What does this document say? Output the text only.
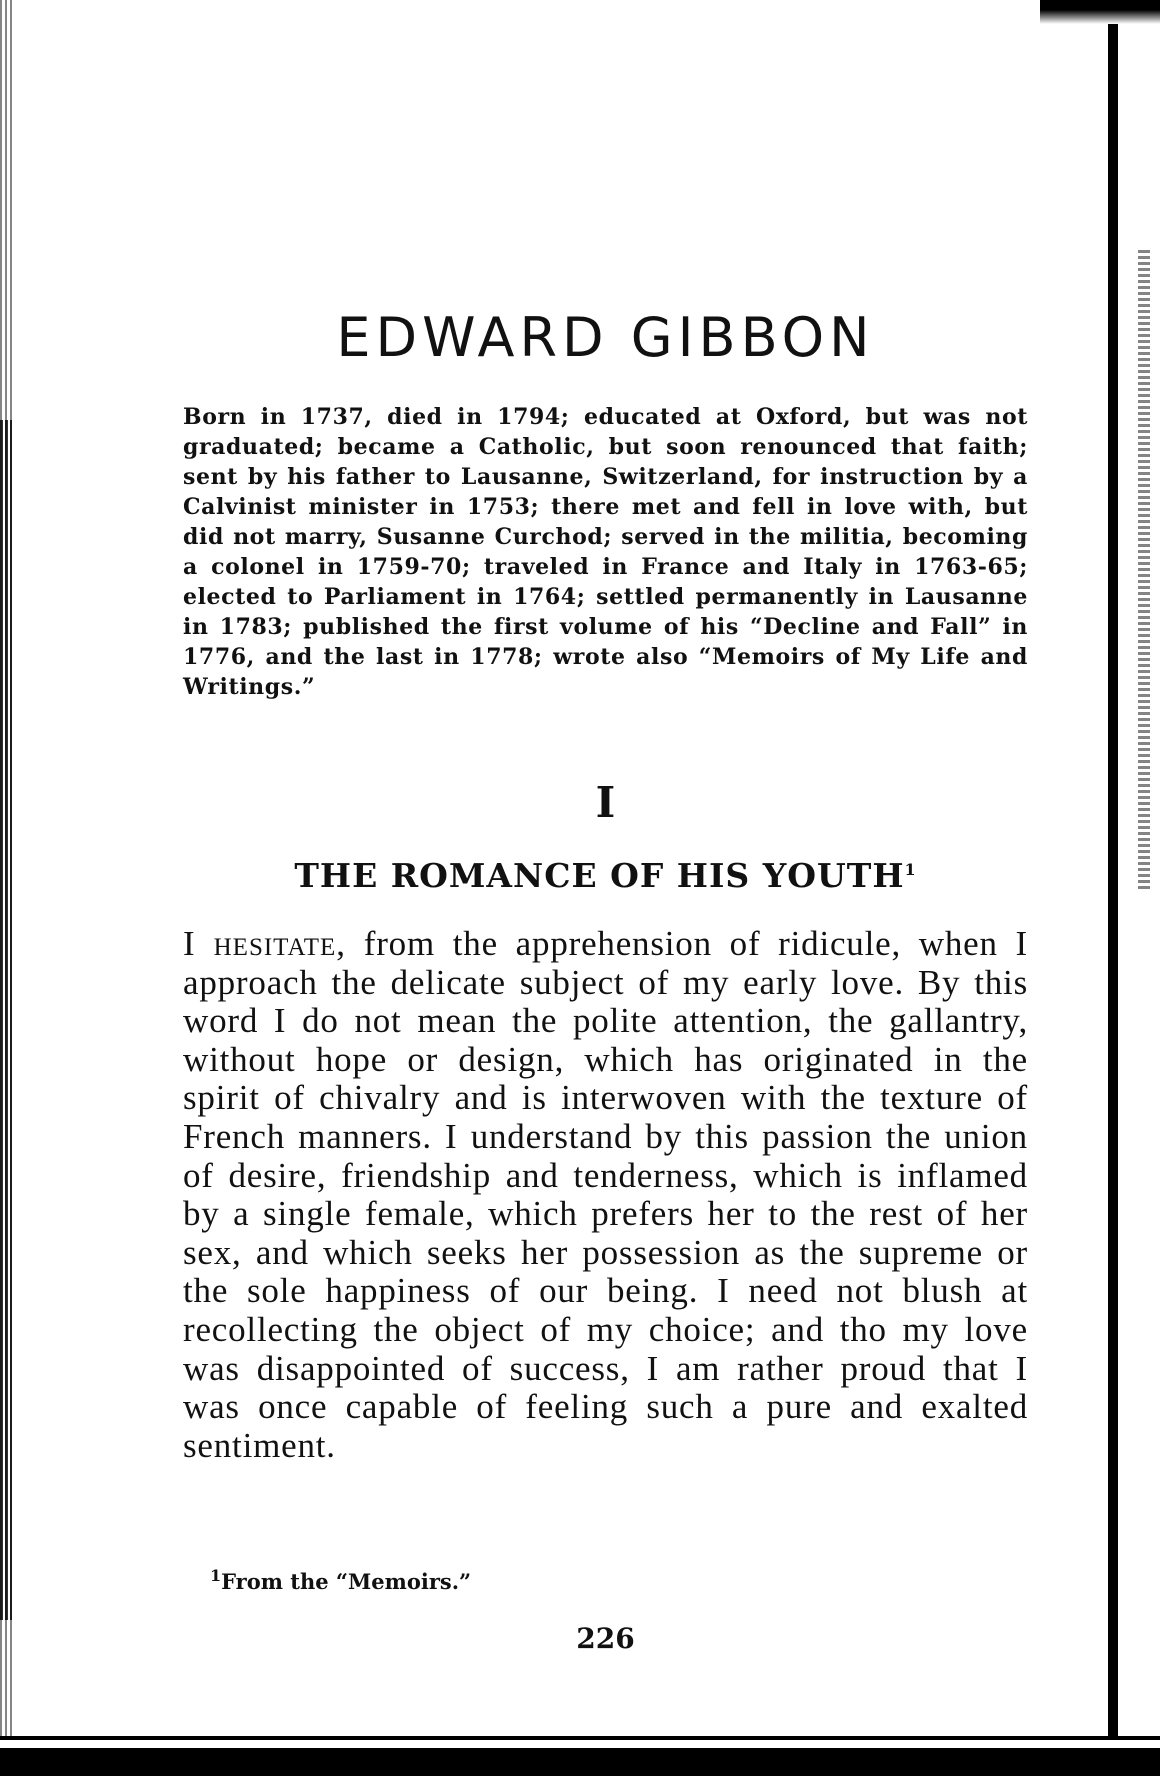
EDWARD GIBBON

Born in 1737, died in 1794; educated at Oxford, but was not graduated; became a Catholic, but soon renounced that faith; sent by his father to Lausanne, Switzerland, for instruction by a Calvinist minister in 1753; there met and fell in love with, but did not marry, Susanne Curchod; served in the militia, becoming a colonel in 1759-70; traveled in France and Italy in 1763-65; elected to Parliament in 1764; settled permanently in Lausanne in 1783; published the first volume of his “Decline and Fall” in 1776, and the last in 1778; wrote also “Memoirs of My Life and Writings.”

I
THE ROMANCE OF HIS YOUTH$^1$

I hesitate, from the apprehension of ridicule, when I approach the delicate subject of my early love. By this word I do not mean the polite attention, the gallantry, without hope or design, which has originated in the spirit of chivalry and is interwoven with the texture of French manners. I understand by this passion the union of desire, friendship and tenderness, which is inflamed by a single female, which prefers her to the rest of her sex, and which seeks her possession as the supreme or the sole happiness of our being. I need not blush at recollecting the object of my choice; and tho my love was disappointed of success, I am rather proud that I was once capable of feeling such a pure and exalted sentiment.

$^1$From the “Memoirs.”

226
